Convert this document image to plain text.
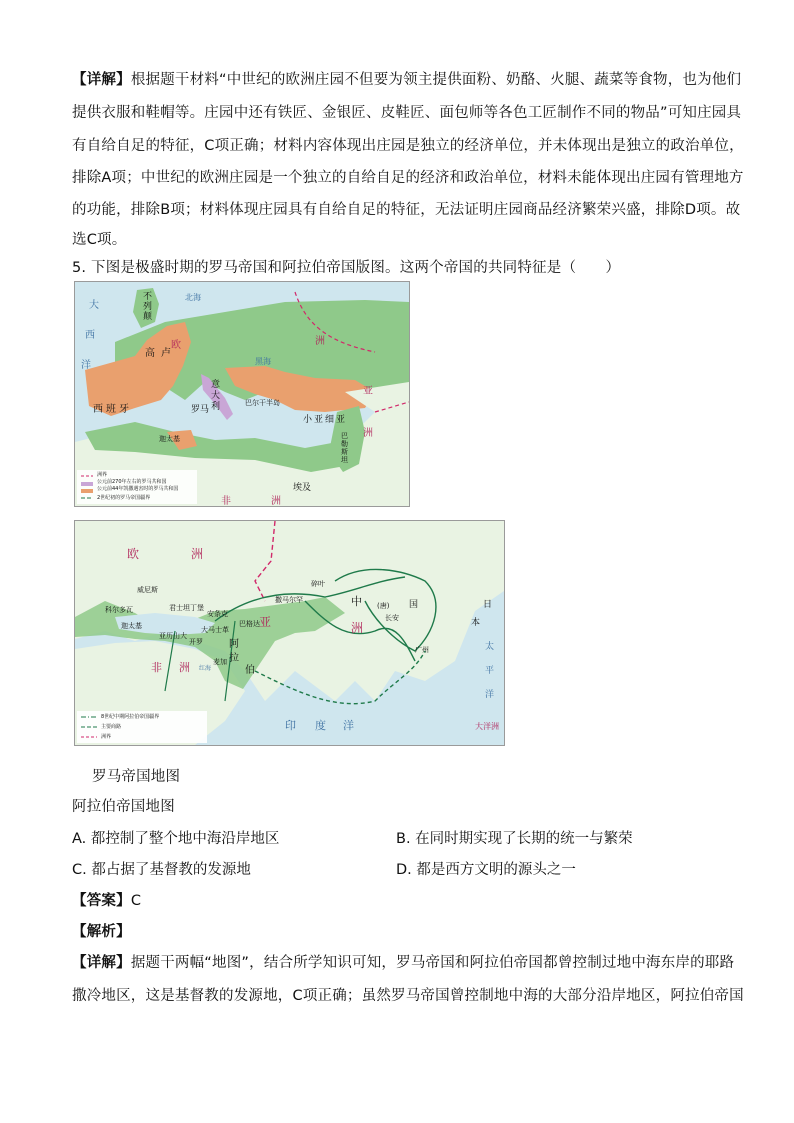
【详解】根据题干材料“中世纪的欧洲庄园不但要为领主提供面粉、奶酪、火腿、蔬菜等食物，也为他们
提供衣服和鞋帽等。庄园中还有铁匠、金银匠、皮鞋匠、面包师等各色工匠制作不同的物品”可知庄园具
有自给自足的特征，C项正确；材料内容体现出庄园是独立的经济单位，并未体现出是独立的政治单位，
排除A项；中世纪的欧洲庄园是一个独立的自给自足的经济和政治单位，材料未能体现出庄园有管理地方
的功能，排除B项；材料体现庄园具有自给自足的特征，无法证明庄园商品经济繁荣兴盛，排除D项。故
选C项。
5. 下图是极盛时期的罗马帝国和阿拉伯帝国版图。这两个帝国的共同特征是（　　）
大
西
洋
北海
不列颠
欧	洲
高卢
西班牙
意大利
罗马
巴尔干半岛
小亚细亚
亚
洲
迦太基	巴勒斯坦
埃及
非	洲
黑海
洲界
公元前270年左右的罗马共和国
公元前44年凯撒遇害时的罗马共和国
2世纪初的罗马帝国疆界
欧	洲
科尔多瓦
威尼斯
君士坦丁堡
迦太基
安条克
亚历山大
大马士革
开罗
巴格达
撒马尔罕
碎叶
阿
拉
伯
麦加
红海
亚	洲
中	国
(唐)
长安
广州
日
本
太
平
洋
印 度 洋
非 洲
大洋洲
8世纪中期阿拉伯帝国疆界
主要商路
洲界
罗马帝国地图
阿拉伯帝国地图
A. 都控制了整个地中海沿岸地区	B. 在同时期实现了长期的统一与繁荣
C. 都占据了基督教的发源地	D. 都是西方文明的源头之一
【答案】C
【解析】
【详解】据题干两幅“地图”，结合所学知识可知，罗马帝国和阿拉伯帝国都曾控制过地中海东岸的耶路
撒冷地区，这是基督教的发源地，C项正确；虽然罗马帝国曾控制地中海的大部分沿岸地区，阿拉伯帝国
